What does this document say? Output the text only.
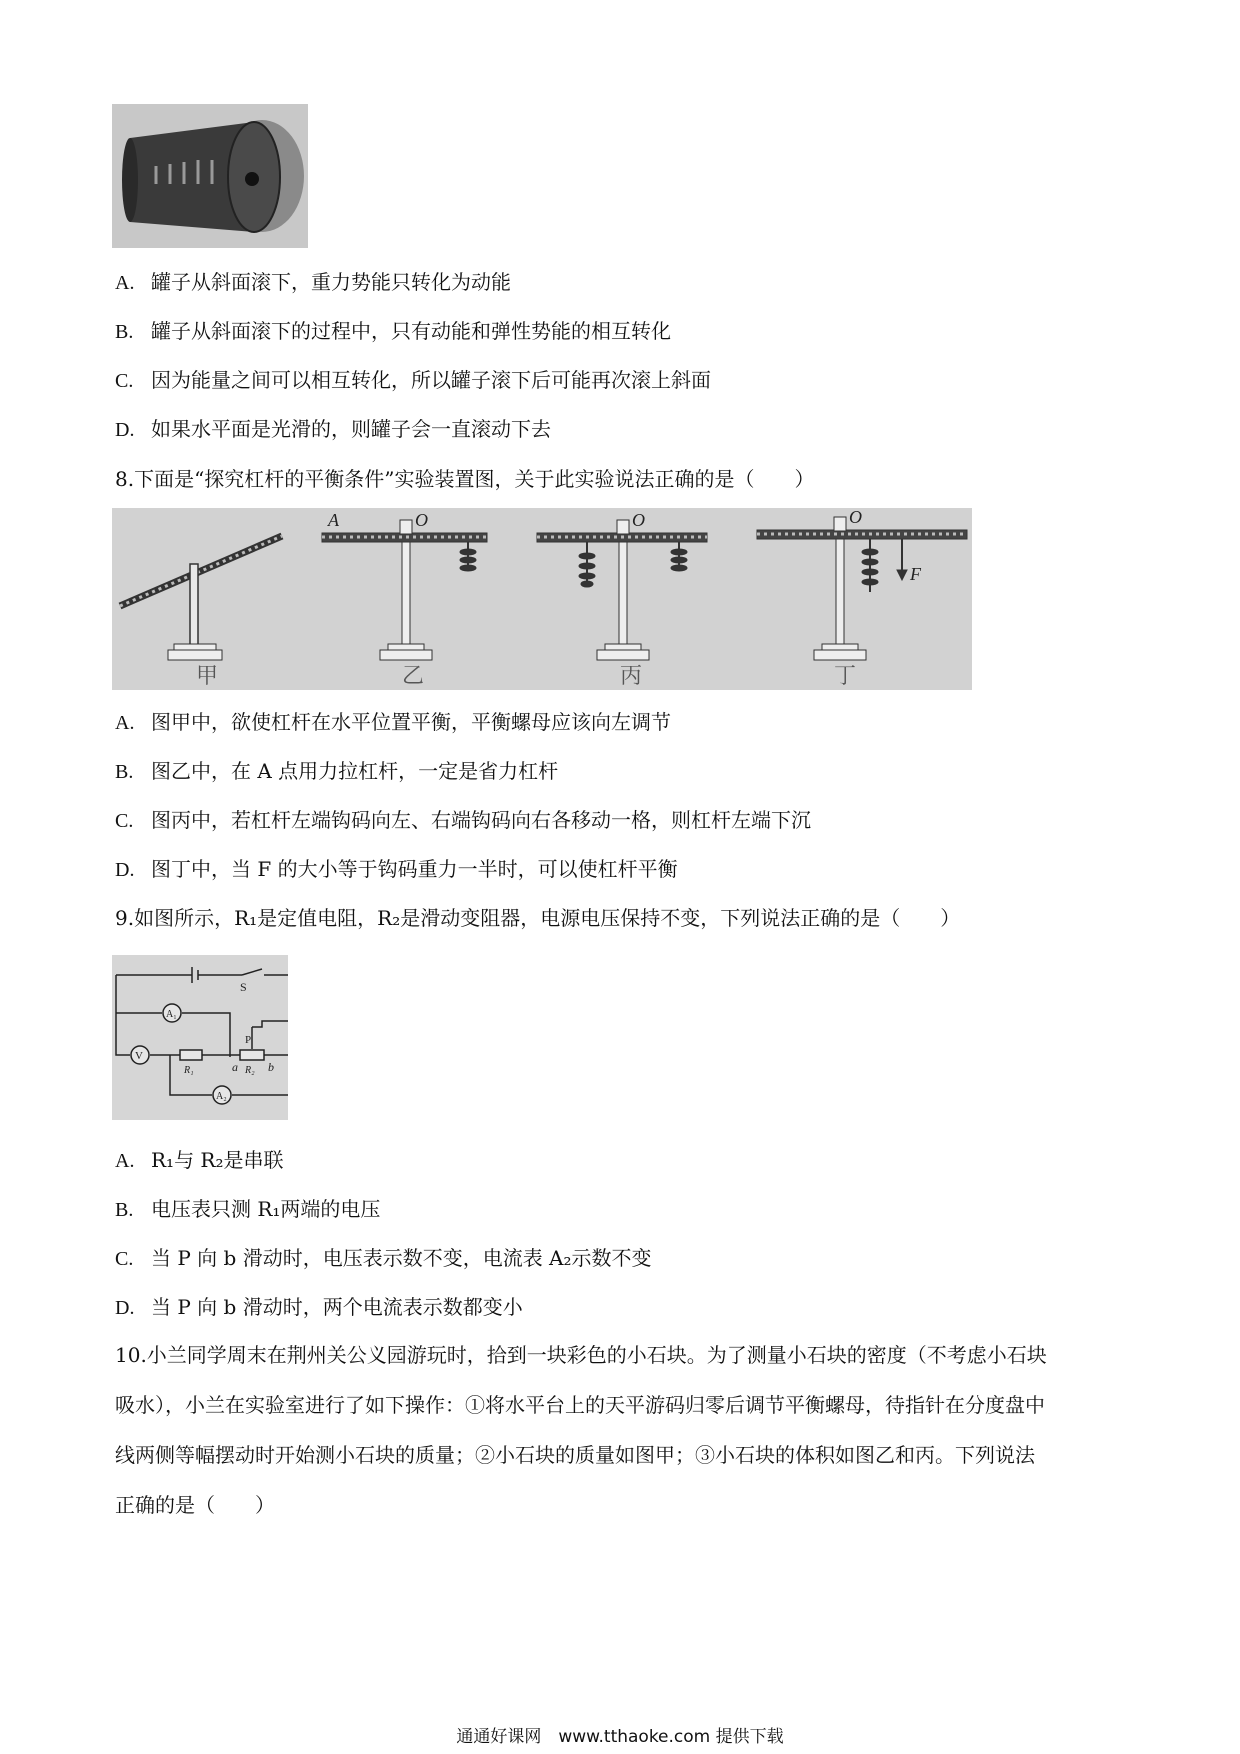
A. 罐子从斜面滚下，重力势能只转化为动能
B. 罐子从斜面滚下的过程中，只有动能和弹性势能的相互转化
C. 因为能量之间可以相互转化，所以罐子滚下后可能再次滚上斜面
D. 如果水平面是光滑的，则罐子会一直滚动下去
8.下面是“探究杠杆的平衡条件”实验装置图，关于此实验说法正确的是（　　）
A	O	O	O
F
甲	乙	丙	丁
A. 图甲中，欲使杠杆在水平位置平衡，平衡螺母应该向左调节
B. 图乙中，在 A 点用力拉杠杆，一定是省力杠杆
C. 图丙中，若杠杆左端钩码向左、右端钩码向右各移动一格，则杠杆左端下沉
D. 图丁中，当 F 的大小等于钩码重力一半时，可以使杠杆平衡
9.如图所示，R₁是定值电阻，R₂是滑动变阻器，电源电压保持不变，下列说法正确的是（　　）
S
A₁
V
A₂
R₁	R₂
P
a	b
A. R₁与 R₂是串联
B. 电压表只测 R₁两端的电压
C. 当 P 向 b 滑动时，电压表示数不变，电流表 A₂示数不变
D. 当 P 向 b 滑动时，两个电流表示数都变小
10.小兰同学周末在荆州关公义园游玩时，拾到一块彩色的小石块。为了测量小石块的密度（不考虑小石块
吸水），小兰在实验室进行了如下操作：①将水平台上的天平游码归零后调节平衡螺母，待指针在分度盘中
线两侧等幅摆动时开始测小石块的质量；②小石块的质量如图甲；③小石块的体积如图乙和丙。下列说法
正确的是（　　）
通通好课网　www.tthaoke.com 提供下载
